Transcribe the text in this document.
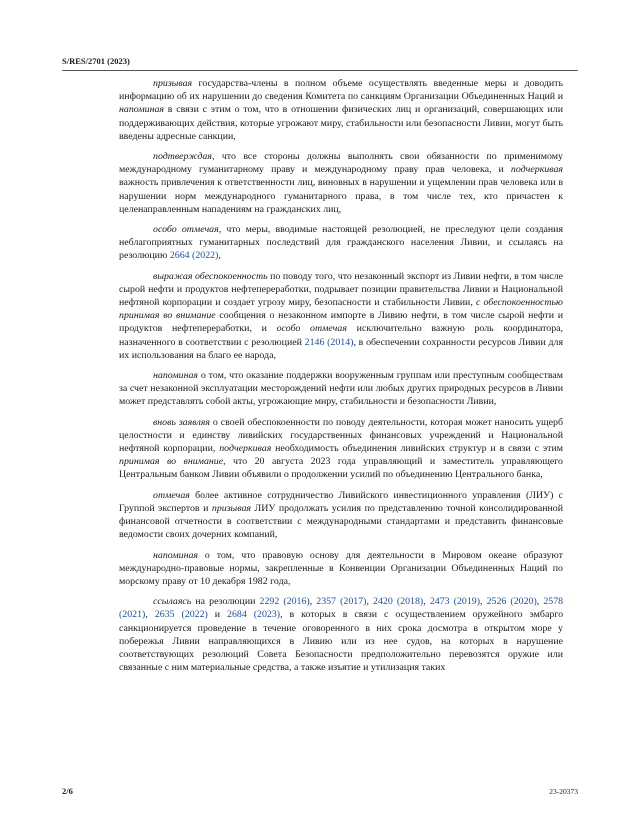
S/RES/2701 (2023)

призывая государства-члены в полном объеме осуществлять введенные меры и доводить информацию об их нарушении до сведения Комитета по санкциям Организации Объединенных Наций и напоминая в связи с этим о том, что в отношении физических лиц и организаций, совершающих или поддерживающих действия, которые угрожают миру, стабильности или безопасности Ливии, могут быть введены адресные санкции,

подтверждая, что все стороны должны выполнять свои обязанности по применимому международному гуманитарному праву и международному праву прав человека, и подчеркивая важность привлечения к ответственности лиц, виновных в нарушении и ущемлении прав человека или в нарушении норм международного гуманитарного права, в том числе тех, кто причастен к целенаправленным нападениям на гражданских лиц,

особо отмечая, что меры, вводимые настоящей резолюцией, не преследуют цели создания неблагоприятных гуманитарных последствий для гражданского населения Ливии, и ссылаясь на резолюцию 2664 (2022),

выражая обеспокоенность по поводу того, что незаконный экспорт из Ливии нефти, в том числе сырой нефти и продуктов нефтепереработки, подрывает позиции правительства Ливии и Национальной нефтяной корпорации и создает угрозу миру, безопасности и стабильности Ливии, с обеспокоенностью принимая во внимание сообщения о незаконном импорте в Ливию нефти, в том числе сырой нефти и продуктов нефтепереработки, и особо отмечая исключительно важную роль координатора, назначенного в соответствии с резолюцией 2146 (2014), в обеспечении сохранности ресурсов Ливии для их использования на благо ее народа,

напоминая о том, что оказание поддержки вооруженным группам или преступным сообществам за счет незаконной эксплуатации месторождений нефти или любых других природных ресурсов в Ливии может представлять собой акты, угрожающие миру, стабильности и безопасности Ливии,

вновь заявляя о своей обеспокоенности по поводу деятельности, которая может наносить ущерб целостности и единству ливийских государственных финансовых учреждений и Национальной нефтяной корпорации, подчеркивая необходимость объединения ливийских структур и в связи с этим принимая во внимание, что 20 августа 2023 года управляющий и заместитель управляющего Центральным банком Ливии объявили о продолжении усилий по объединению Центрального банка,

отмечая более активное сотрудничество Ливийского инвестиционного управления (ЛИУ) с Группой экспертов и призывая ЛИУ продолжать усилия по представлению точной консолидированной финансовой отчетности в соответствии с международными стандартами и представить финансовые ведомости своих дочерних компаний,

напоминая о том, что правовую основу для деятельности в Мировом океане образуют международно-правовые нормы, закрепленные в Конвенции Организации Объединенных Наций по морскому праву от 10 декабря 1982 года,

ссылаясь на резолюции 2292 (2016), 2357 (2017), 2420 (2018), 2473 (2019), 2526 (2020), 2578 (2021), 2635 (2022) и 2684 (2023), в которых в связи с осуществлением оружейного эмбарго санкционируется проведение в течение оговоренного в них срока досмотра в открытом море у побережья Ливии направляющихся в Ливию или из нее судов, на которых в нарушение соответствующих резолюций Совета Безопасности предположительно перевозятся оружие или связанные с ним материальные средства, а также изъятие и утилизация таких

2/6	23-20373
